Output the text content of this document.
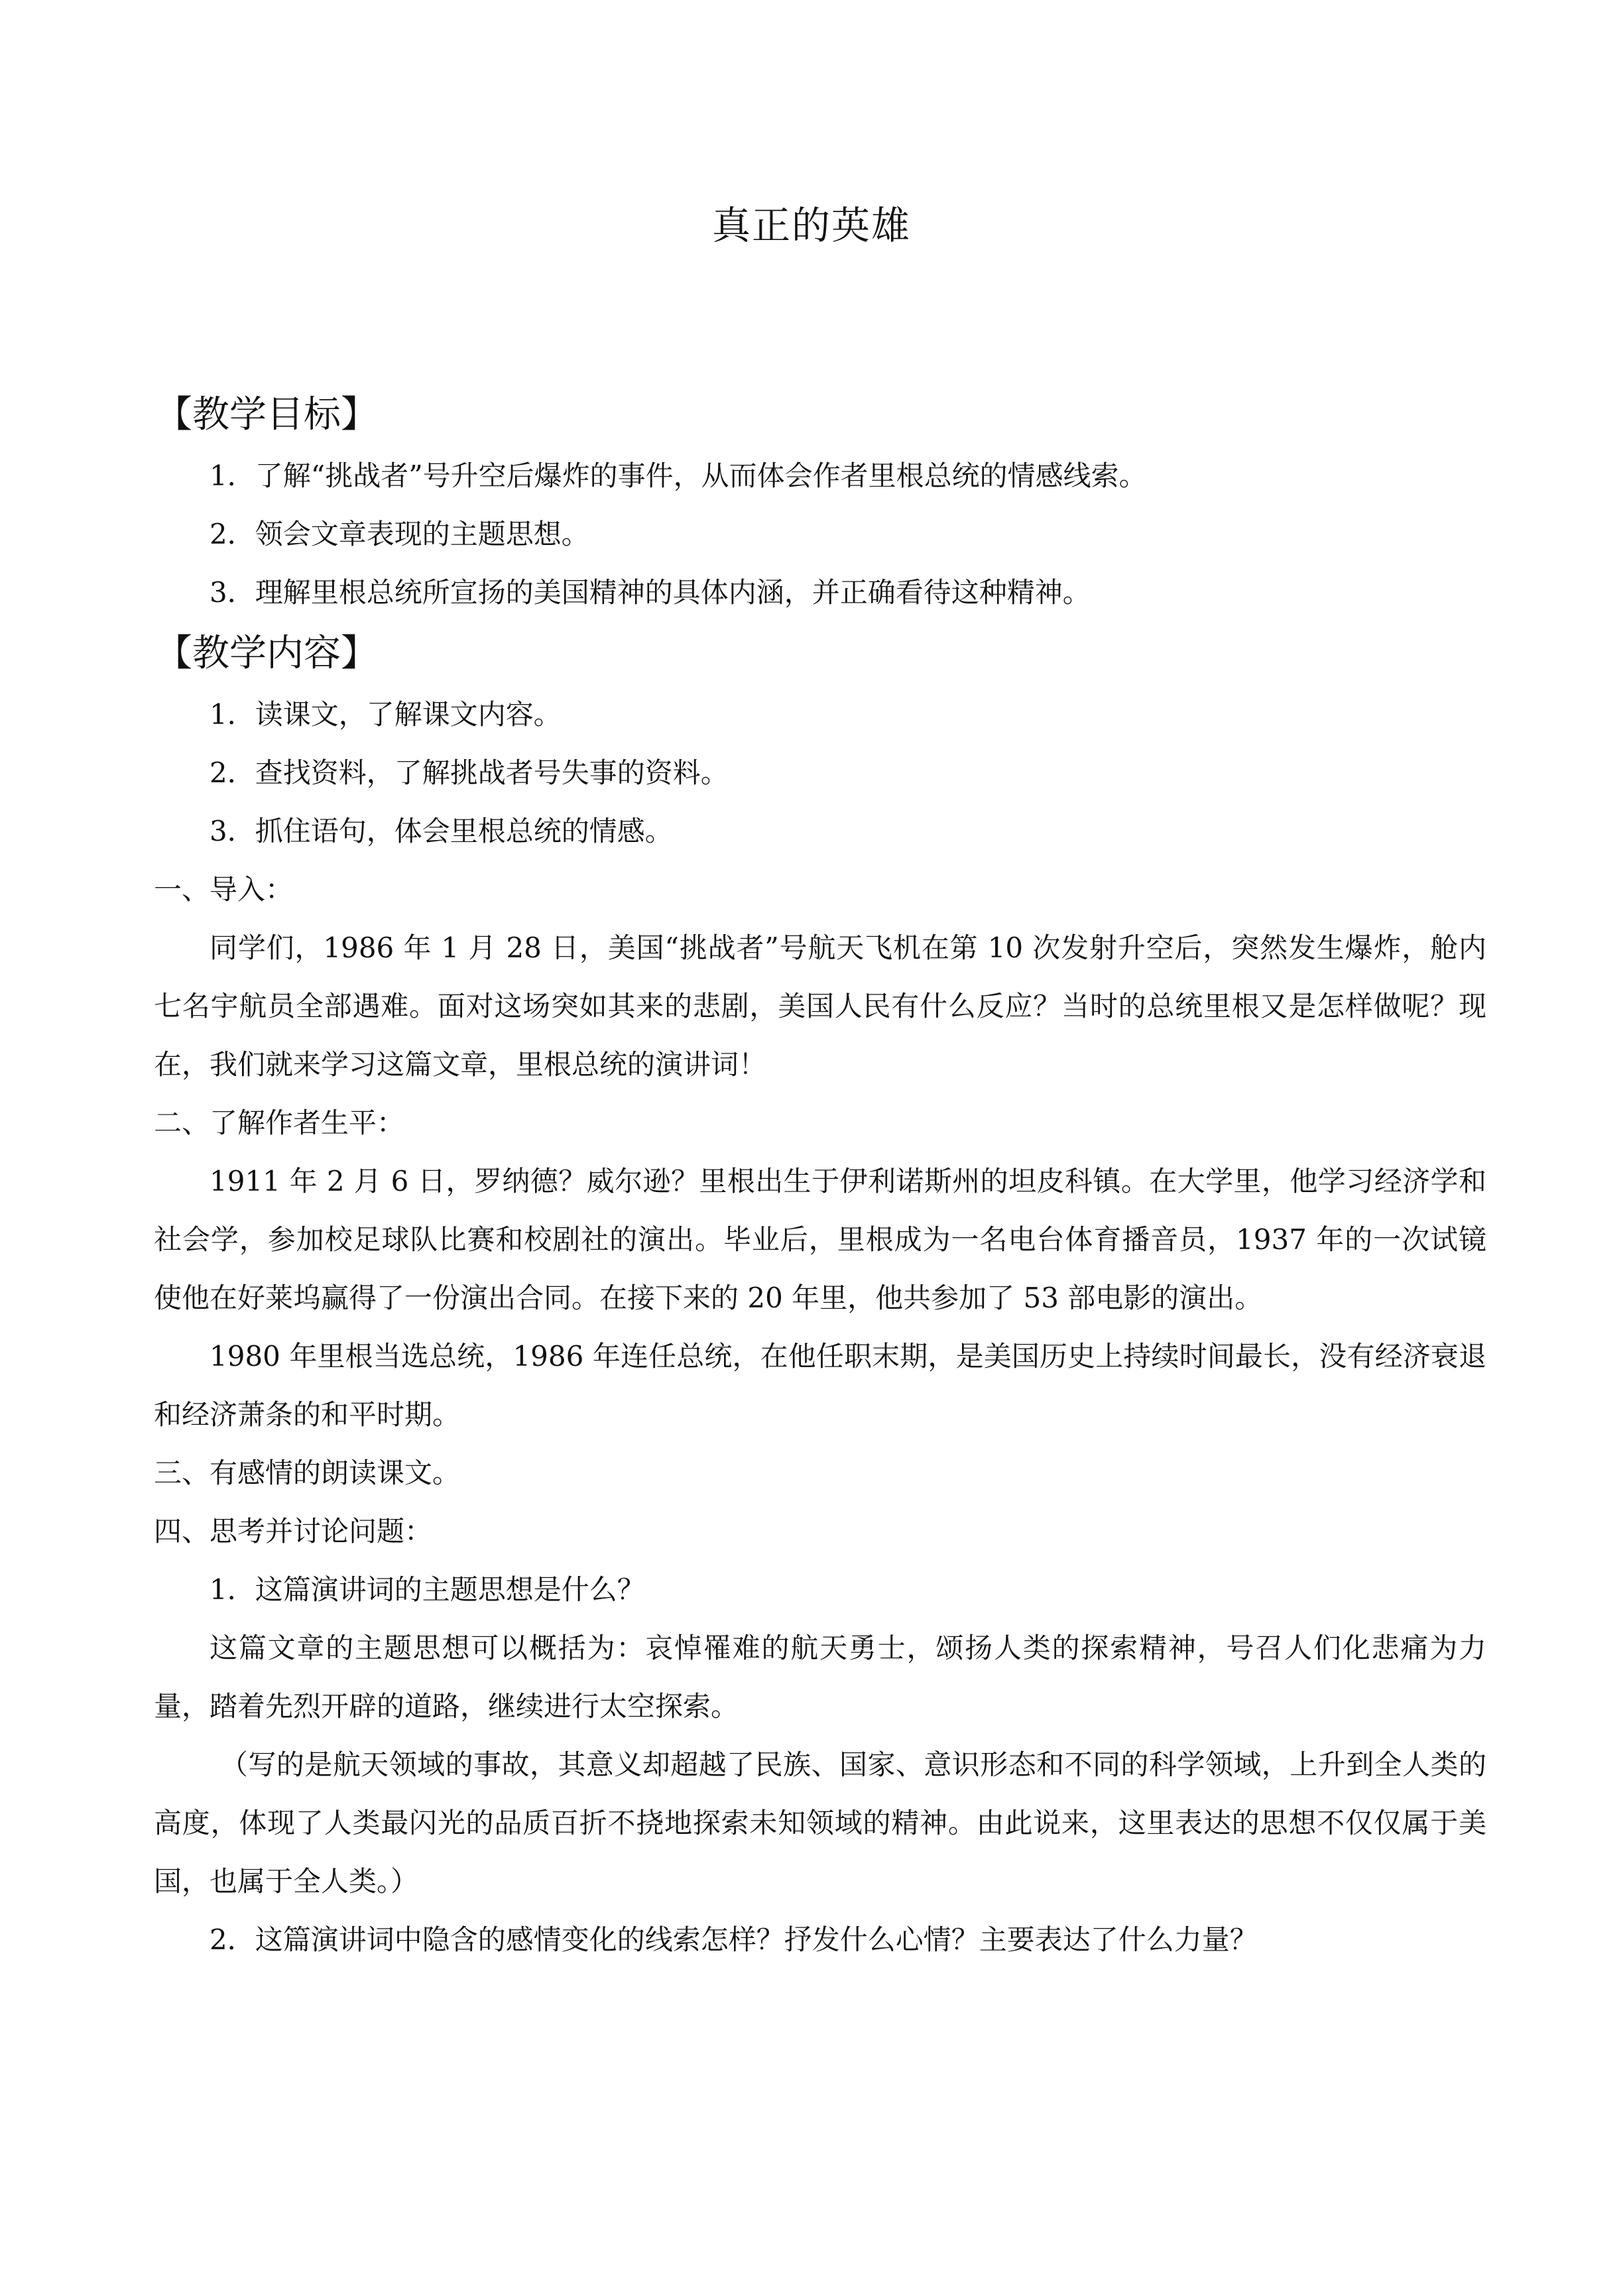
真正的英雄
【教学目标】
1．了解“挑战者”号升空后爆炸的事件，从而体会作者里根总统的情感线索。
2．领会文章表现的主题思想。
3．理解里根总统所宣扬的美国精神的具体内涵，并正确看待这种精神。
【教学内容】
1．读课文，了解课文内容。
2．查找资料，了解挑战者号失事的资料。
3．抓住语句，体会里根总统的情感。
一、导入：
同学们，1986 年 1 月 28 日，美国“挑战者”号航天飞机在第 10 次发射升空后，突然发生爆炸，舱内七名宇航员全部遇难。面对这场突如其来的悲剧，美国人民有什么反应？当时的总统里根又是怎样做呢？现在，我们就来学习这篇文章，里根总统的演讲词！
二、了解作者生平：
1911 年 2 月 6 日，罗纳德？威尔逊？里根出生于伊利诺斯州的坦皮科镇。在大学里，他学习经济学和社会学，参加校足球队比赛和校剧社的演出。毕业后，里根成为一名电台体育播音员，1937 年的一次试镜使他在好莱坞赢得了一份演出合同。在接下来的 20 年里，他共参加了 53 部电影的演出。
1980 年里根当选总统，1986 年连任总统，在他任职末期，是美国历史上持续时间最长，没有经济衰退和经济萧条的和平时期。
三、有感情的朗读课文。
四、思考并讨论问题：
1．这篇演讲词的主题思想是什么？
这篇文章的主题思想可以概括为：哀悼罹难的航天勇士，颂扬人类的探索精神，号召人们化悲痛为力量，踏着先烈开辟的道路，继续进行太空探索。
（写的是航天领域的事故，其意义却超越了民族、国家、意识形态和不同的科学领域，上升到全人类的高度，体现了人类最闪光的品质百折不挠地探索未知领域的精神。由此说来，这里表达的思想不仅仅属于美国，也属于全人类。）
2．这篇演讲词中隐含的感情变化的线索怎样？抒发什么心情？主要表达了什么力量？
